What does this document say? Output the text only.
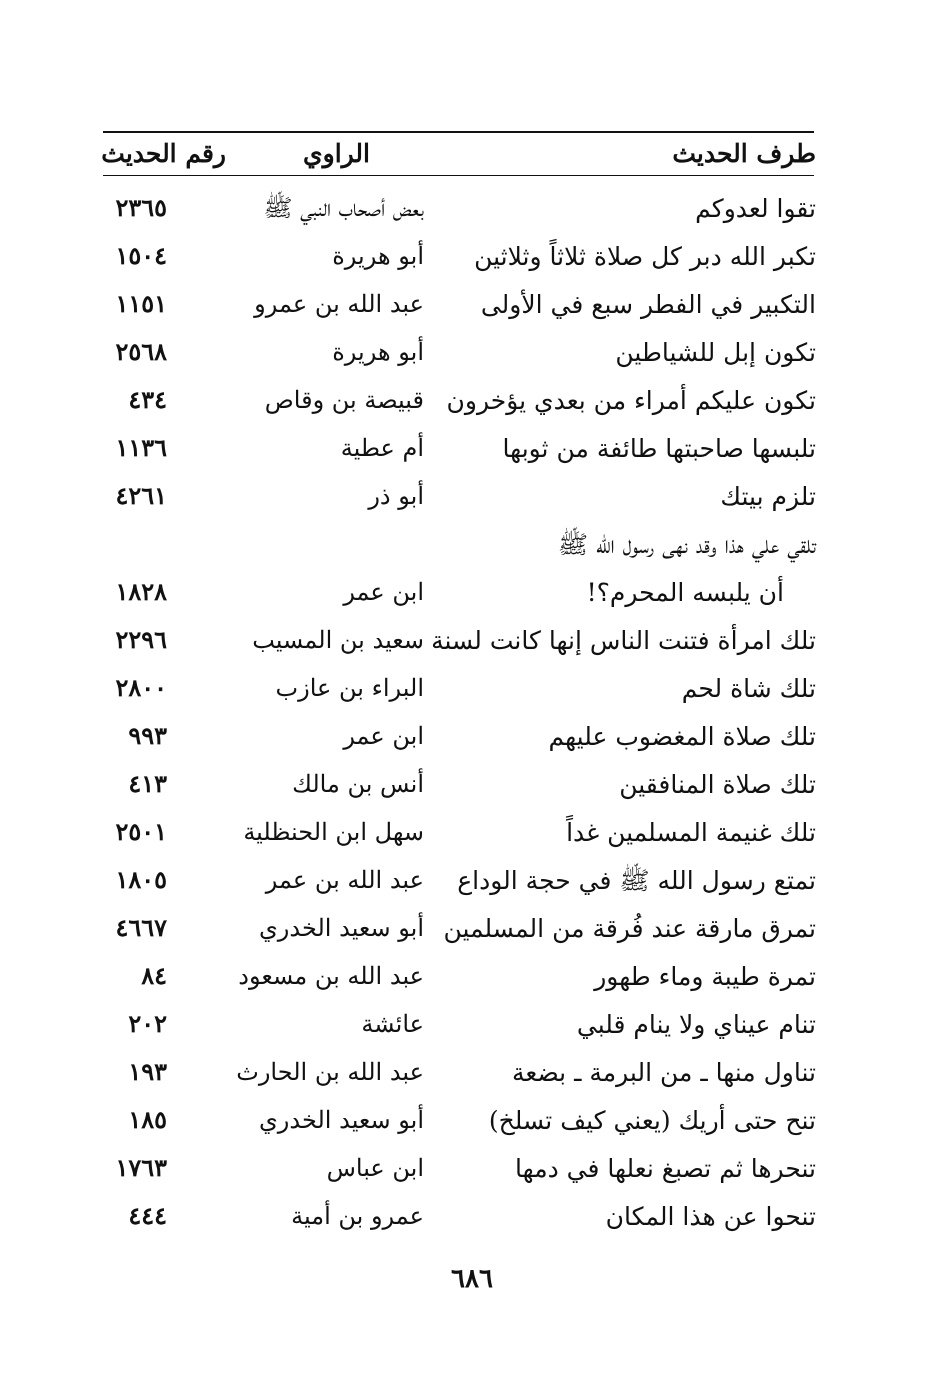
طرف الحديث
الراوي
رقم الحديث
تقوا لعدوكم
بعض أصحاب النبي ﷺ
٢٣٦٥
تكبر الله دبر كل صلاة ثلاثاً وثلاثين
أبو هريرة
١٥٠٤
التكبير في الفطر سبع في الأولى
عبد الله بن عمرو
١١٥١
تكون إبل للشياطين
أبو هريرة
٢٥٦٨
تكون عليكم أمراء من بعدي يؤخرون
قبيصة بن وقاص
٤٣٤
تلبسها صاحبتها طائفة من ثوبها
أم عطية
١١٣٦
تلزم بيتك
أبو ذر
٤٢٦١
تلقي علي هذا وقد نهى رسول الله ﷺ
أن يلبسه المحرم؟!
ابن عمر
١٨٢٨
تلك امرأة فتنت الناس إنها كانت لسنة
سعيد بن المسيب
٢٢٩٦
تلك شاة لحم
البراء بن عازب
٢٨٠٠
تلك صلاة المغضوب عليهم
ابن عمر
٩٩٣
تلك صلاة المنافقين
أنس بن مالك
٤١٣
تلك غنيمة المسلمين غداً
سهل ابن الحنظلية
٢٥٠١
تمتع رسول الله ﷺ في حجة الوداع
عبد الله بن عمر
١٨٠٥
تمرق مارقة عند فُرقة من المسلمين
أبو سعيد الخدري
٤٦٦٧
تمرة طيبة وماء طهور
عبد الله بن مسعود
٨٤
تنام عيناي ولا ينام قلبي
عائشة
٢٠٢
تناول منها ـ من البرمة ـ بضعة
عبد الله بن الحارث
١٩٣
تنح حتى أريك (يعني كيف تسلخ)
أبو سعيد الخدري
١٨٥
تنحرها ثم تصبغ نعلها في دمها
ابن عباس
١٧٦٣
تنحوا عن هذا المكان
عمرو بن أمية
٤٤٤
٦٨٦
